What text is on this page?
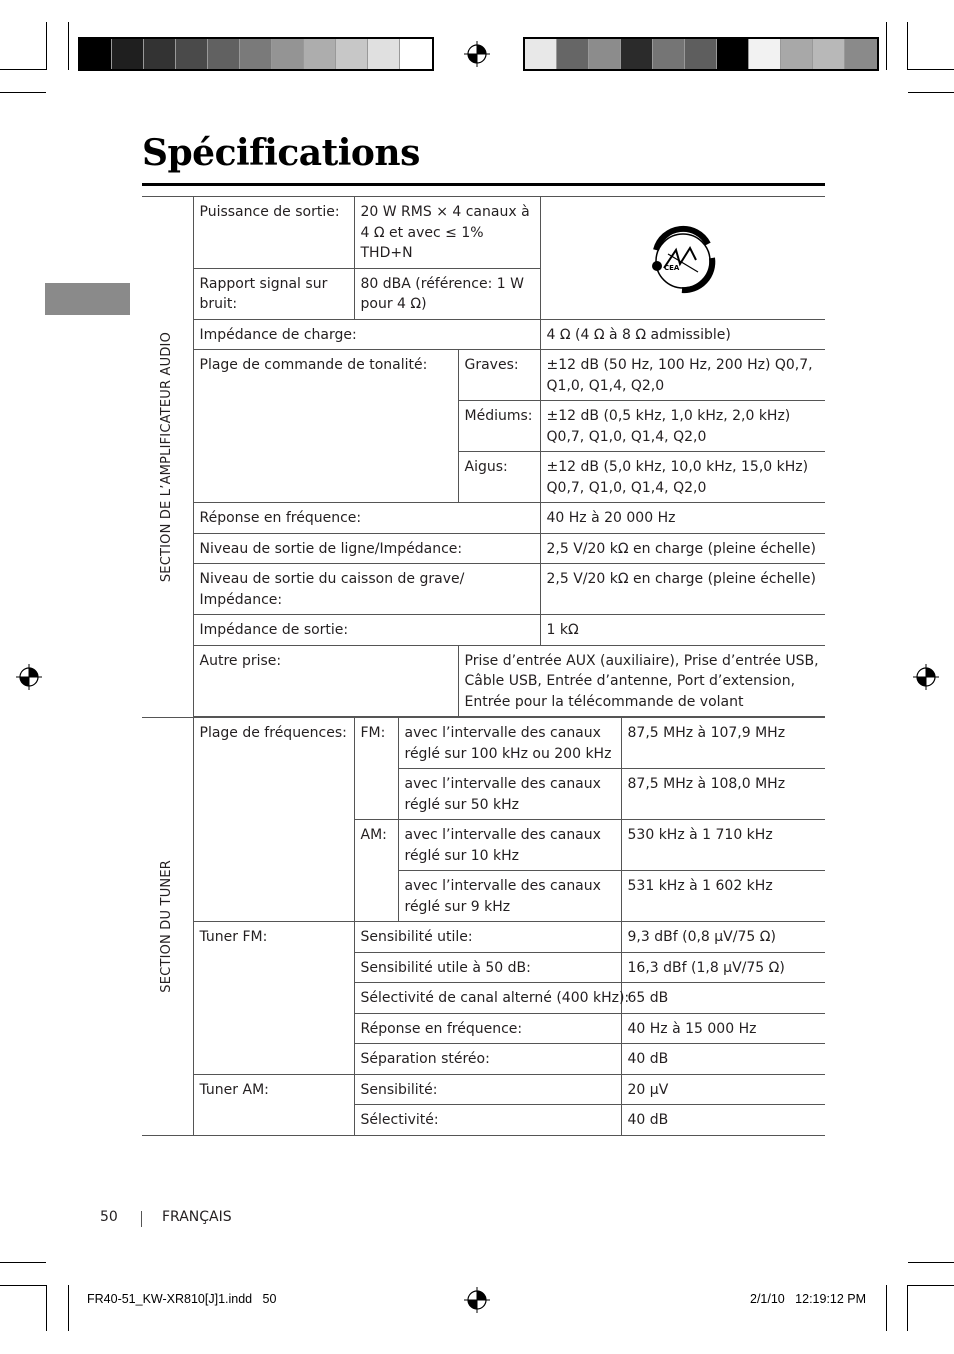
Spécifications
SECTION DE L’AMPLIFICATEUR AUDIO	Puissance de sortie:	20 W RMS × 4 canaux à 4 Ω et avec ≤ 1% THD+N			CEA	

	Rapport signal sur bruit:	80 dBA (référence: 1 W pour 4 Ω)				
	Impédance de charge:				4 Ω (4 Ω à 8 Ω admissible)	
	Plage de commande de tonalité:			Graves:	±12 dB (50 Hz, 100 Hz, 200 Hz) Q0,7, Q1,0, Q1,4, Q2,0	
				Médiums:	±12 dB (0,5 kHz, 1,0 kHz, 2,0 kHz) Q0,7, Q1,0, Q1,4, Q2,0	
				Aigus:	±12 dB (5,0 kHz, 10,0 kHz, 15,0 kHz) Q0,7, Q1,0, Q1,4, Q2,0	
	Réponse en fréquence:				40 Hz à 20 000 Hz	
	Niveau de sortie de ligne/Impédance:				2,5 V/20 kΩ en charge (pleine échelle)	
	Niveau de sortie du caisson de grave/ Impédance:				2,5 V/20 kΩ en charge (pleine échelle)	
	Impédance de sortie:				1 kΩ	
	Autre prise:			Prise d’entrée AUX (auxiliaire), Prise d’entrée USB, Câble USB, Entrée d’antenne, Port d’extension, Entrée pour la télécommande de volant		

SECTION DU TUNER	Plage de fréquences:	FM:	avec l’intervalle des canaux réglé sur 100 kHz ou 200 kHz			87,5 MHz à 107,9 MHz
			avec l’intervalle des canaux réglé sur 50 kHz			87,5 MHz à 108,0 MHz
		AM:	avec l’intervalle des canaux réglé sur 10 kHz			530 kHz à 1 710 kHz
			avec l’intervalle des canaux réglé sur 9 kHz			531 kHz à 1 602 kHz
	Tuner FM:	Sensibilité utile:				9,3 dBf (0,8 μV/75 Ω)
		Sensibilité utile à 50 dB:				16,3 dBf (1,8 μV/75 Ω)
		Sélectivité de canal alterné (400 kHz):				65 dB
		Réponse en fréquence:				40 Hz à 15 000 Hz
		Séparation stéréo:				40 dB
	Tuner AM:	Sensibilité:				20 μV
		Sélectivité:				40 dB
50	FRANÇAIS
FR40-51_KW-XR810[J]1.indd   50	2/1/10   12:19:12 PM
